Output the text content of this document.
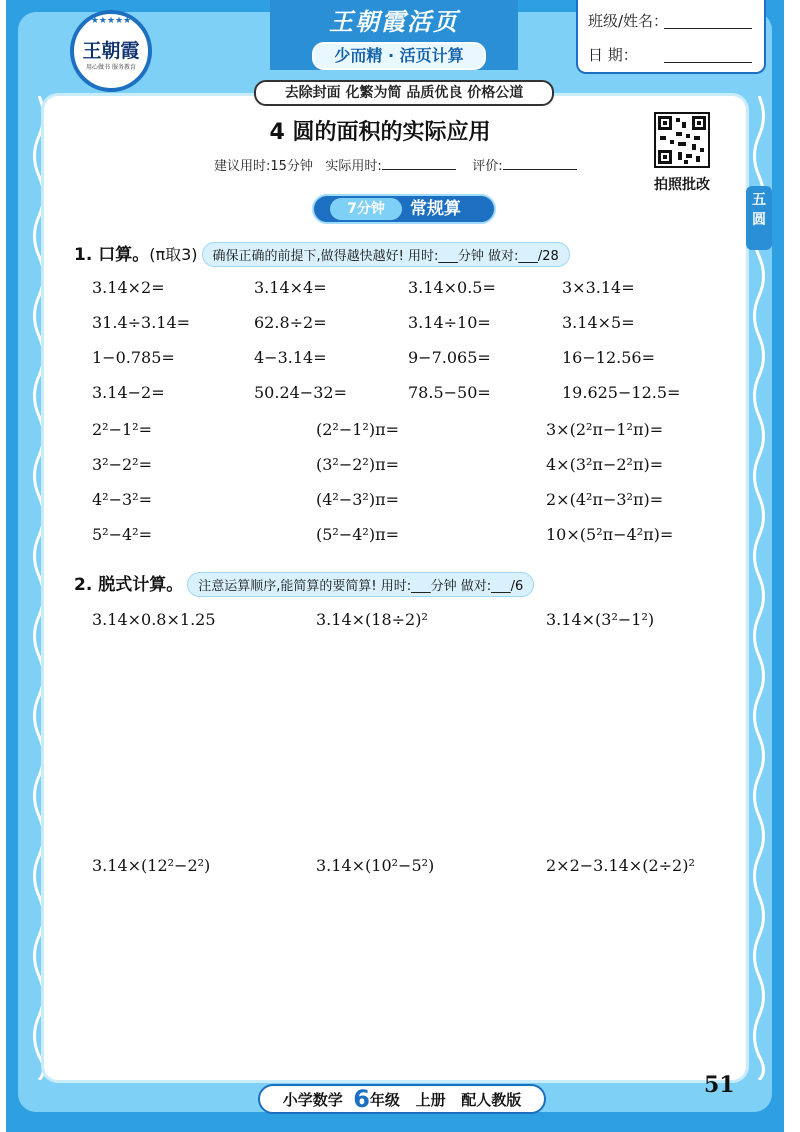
王朝霞活页
少而精 · 活页计算
★★★★★
王朝霞
用心做书 服务教育
班级/姓名：
日 期：
去除封面 化繁为简 品质优良 价格公道
4 圆的面积的实际应用
建议用时:15分钟 实际用时:	评价:
拍照批改
五圆
7分钟	常规算
1. 口算。(π取3) 确保正确的前提下,做得越快越好! 用时:___分钟 做对:___/28
3.14×2=	3.14×4=	3.14×0.5=	3×3.14=
31.4÷3.14=	62.8÷2=	3.14÷10=	3.14×5=
1−0.785=	4−3.14=	9−7.065=	16−12.56=
3.14−2=	50.24−32=	78.5−50=	19.625−12.5=
2²−1²=	(2²−1²)π=	3×(2²π−1²π)=
3²−2²=	(3²−2²)π=	4×(3²π−2²π)=
4²−3²=	(4²−3²)π=	2×(4²π−3²π)=
5²−4²=	(5²−4²)π=	10×(5²π−4²π)=
2. 脱式计算。 注意运算顺序,能简算的要简算! 用时:___分钟 做对:___/6
3.14×0.8×1.25	3.14×(18÷2)²	3.14×(3²−1²)
3.14×(12²−2²)	3.14×(10²−5²)	2×2−3.14×(2÷2)²
小学数学 6年级 上册 配人教版
51
